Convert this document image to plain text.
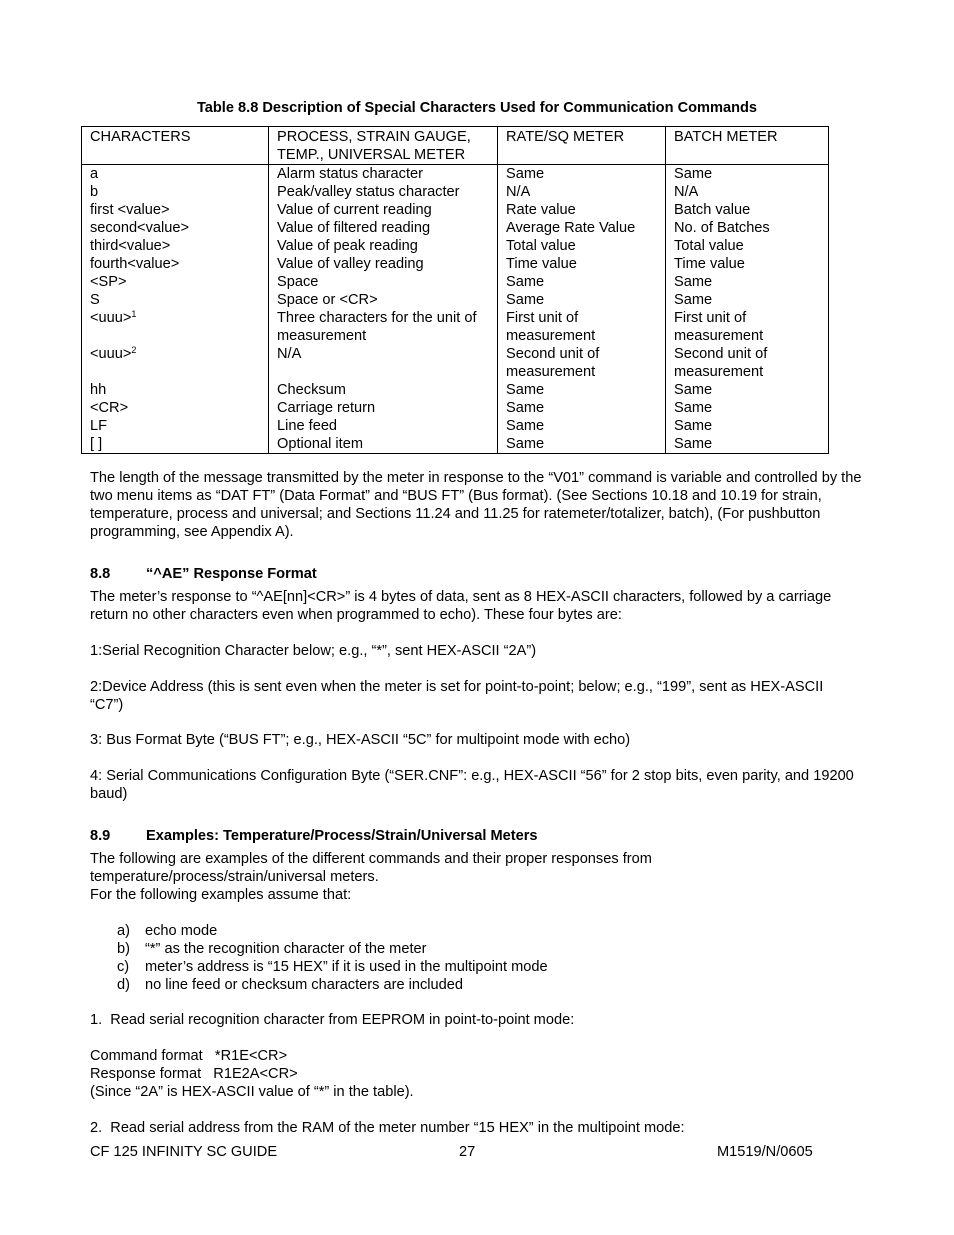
Table 8.8 Description of Special Characters Used for Communication Commands
CHARACTERS	PROCESS, STRAIN GAUGE, TEMP., UNIVERSAL METER	RATE/SQ METER	BATCH METER
a	Alarm status character	Same	Same
b	Peak/valley status character	N/A	N/A
first <value>	Value of current reading	Rate value	Batch value
second<value>	Value of filtered reading	Average Rate Value	No. of Batches
third<value>	Value of peak reading	Total value	Total value
fourth<value>	Value of valley reading	Time value	Time value
<SP>	Space	Same	Same
S	Space or <CR>	Same	Same
<uuu>$^1$	Three characters for the unit of measurement	First unit of measurement	First unit of measurement
<uuu>$^2$	N/A	Second unit of measurement	Second unit of measurement
hh	Checksum	Same	Same
<CR>	Carriage return	Same	Same
LF	Line feed	Same	Same
[ ]	Optional item	Same	Same
The length of the message transmitted by the meter in response to the “V01” command is variable and controlled by the two menu items as “DAT FT” (Data Format” and “BUS FT” (Bus format). (See Sections 10.18 and 10.19 for strain, temperature, process and universal; and Sections 11.24 and 11.25 for ratemeter/totalizer, batch), (For pushbutton programming, see Appendix A).
8.8 “^AE” Response Format
The meter’s response to “^AE[nn]<CR>” is 4 bytes of data, sent as 8 HEX-ASCII characters, followed by a carriage return no other characters even when programmed to echo). These four bytes are:
1:Serial Recognition Character below; e.g., “*”, sent HEX-ASCII “2A”)
2:Device Address (this is sent even when the meter is set for point-to-point; below; e.g., “199”, sent as HEX-ASCII “C7”)
3: Bus Format Byte (“BUS FT”; e.g., HEX-ASCII “5C” for multipoint mode with echo)
4: Serial Communications Configuration Byte (“SER.CNF”: e.g., HEX-ASCII “56” for 2 stop bits, even parity, and 19200 baud)
8.9 Examples: Temperature/Process/Strain/Universal Meters
The following are examples of the different commands and their proper responses from temperature/process/strain/universal meters.
For the following examples assume that:
a) echo mode
b) “*” as the recognition character of the meter
c) meter’s address is “15 HEX” if it is used in the multipoint mode
d) no line feed or checksum characters are included
1.  Read serial recognition character from EEPROM in point-to-point mode:
Command format   *R1E<CR>
Response format   R1E2A<CR>
(Since “2A” is HEX-ASCII value of “*” in the table).
2.  Read serial address from the RAM of the meter number “15 HEX” in the multipoint mode:
CF 125 INFINITY SC GUIDE	27	M1519/N/0605
